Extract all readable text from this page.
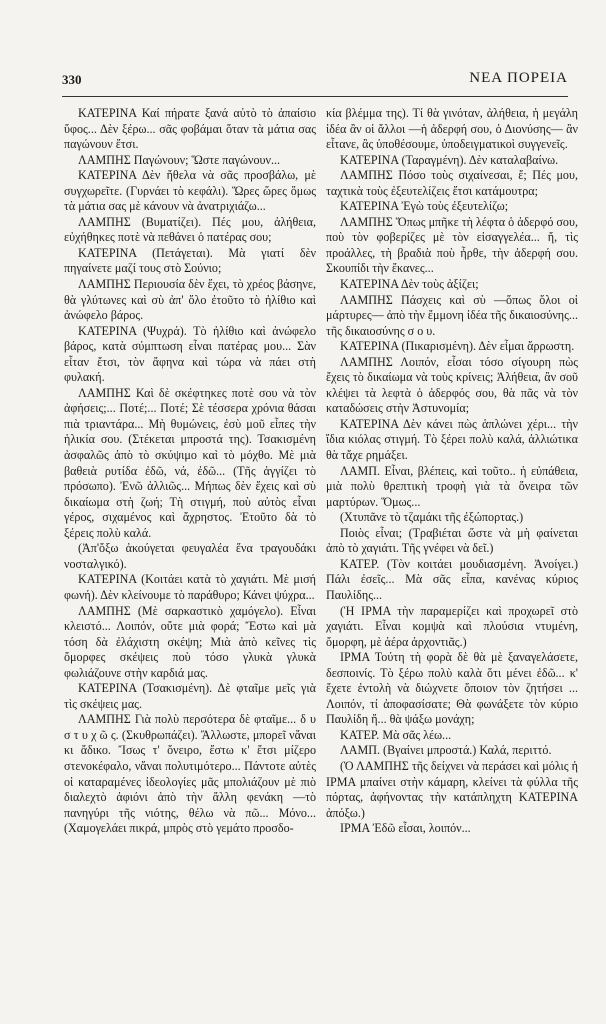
330	ΝΕΑ ΠΟΡΕΙΑ

ΚΑΤΕΡΙΝΑ Καί πήρατε ξανά αὐτὸ τὸ ἀπαίσιο ὕφος... Δὲν ξέρω... σᾶς φοβάμαι ὅταν τὰ μάτια σας παγώνουν ἔτσι.

ΛΑΜΠΗΣ Παγώνουν; Ὥστε παγώνουν...

ΚΑΤΕΡΙΝΑ Δὲν ἤθελα νὰ σᾶς προσβάλω, μὲ συγχωρεῖτε. (Γυρνάει τὸ κεφάλι). Ὥρες ὥρες ὅμως τὰ μάτια σας μὲ κάνουν νὰ ἀνατριχιάζω...

ΛΑΜΠΗΣ (Βυματίζει). Πές μου, ἀλήθεια, εὐχήθηκες ποτὲ νὰ πεθάνει ὁ πατέρας σου;

ΚΑΤΕΡΙΝΑ (Πετάγεται). Μὰ γιατί δὲν πηγαίνετε μαζί τους στὸ Σούνιο;

ΛΑΜΠΗΣ Περιουσία δὲν ἔχει, τὸ χρέος βάσηνε, θὰ γλύτωνες καὶ σὺ ἀπ' ὅλο ἐτοῦτο τὸ ἠλίθιο καὶ ἀνώφελο βάρος.

ΚΑΤΕΡΙΝΑ (Ψυχρά). Τὸ ἠλίθιο καὶ ἀνώφελο βάρος, κατὰ σύμπτωση εἶναι πατέρας μου... Σὰν εἶταν ἔτσι, τὸν ἄφηνα καὶ τώρα νὰ πάει στὴ φυλακή.

ΛΑΜΠΗΣ Καὶ δὲ σκέφτηκες ποτὲ σου νὰ τὸν ἀφήσεις;... Ποτέ;... Ποτέ; Σὲ τέσσερα χρόνια θάσαι πιὰ τριαντάρα... Μὴ θυμώνεις, ἐσὺ μοῦ εἶπες τὴν ἡλικία σου. (Στέκεται μπροστά της). Τσακισμένη ἀσφαλῶς ἀπὸ τὸ σκύψιμο καὶ τὸ μόχθο. Μὲ μιὰ βαθειὰ ρυτίδα ἐδῶ, νά, ἐδῶ... (Τῆς ἀγγίζει τὸ πρόσωπο). Ἐνῶ ἀλλιῶς... Μήπως δὲν ἔχεις καὶ σὺ δικαίωμα στὴ ζωή; Τὴ στιγμή, ποὺ αὐτὸς εἶναι γέρος, σιχαμένος καὶ ἄχρηστος. Ἐτοῦτο δὰ τὸ ξέρεις πολὺ καλά.

(Ἀπ'ὄξω ἀκούγεται φευγαλέα ἕνα τραγουδάκι νοσταλγικό).

ΚΑΤΕΡΙΝΑ (Κοιτάει κατὰ τὸ χαγιάτι. Μὲ μισή φωνή). Δὲν κλείνουμε τὸ παράθυρο; Κάνει ψύχρα...

ΛΑΜΠΗΣ (Μὲ σαρκαστικὸ χαμόγελο). Εἶναι κλειστό... Λοιπόν, οὔτε μιὰ φορά; Ἔστω καὶ μὰ τόση δὰ ἐλάχιστη σκέψη; Μιὰ ἀπὸ κεῖνες τὶς ὄμορφες σκέψεις ποὺ τόσο γλυκὰ γλυκὰ φωλιάζουνε στὴν καρδιά μας.

ΚΑΤΕΡΙΝΑ (Τσακισμένη). Δὲ φταῖμε μεῖς γιὰ τὶς σκέψεις μας.

ΛΑΜΠΗΣ Γιὰ πολὺ περσότερα δὲ φταῖμε... δ υ σ τ υ χ ῶ ς. (Σκυθρωπάζει). Ἄλλωστε, μπορεῖ νἄναι κι ἄδικο. Ἴσως τ' ὄνειρο, ἔστω κ' ἔτσι μίζερο στενοκέφαλο, νἄναι πολυτιμότερο... Πάντοτε αὐτὲς οἱ καταραμένες ἰδεολογίες μᾶς μπολιάζουν μὲ πιὸ διαλεχτὸ ἀφιόνι ἀπὸ τὴν ἄλλη φενάκη —τὸ πανηγύρι τῆς νιότης, θέλω νὰ πῶ... Μόνο... (Χαμογελάει πικρά, μπρὸς στὸ γεμάτο προσδο-

κία βλέμμα της). Τί θὰ γινόταν, ἀλήθεια, ἡ μεγάλη ἰδέα ἂν οἱ ἄλλοι —ἡ ἀδερφή σου, ὁ Διονύσης— ἂν εἶτανε, ἂς ὑποθέσουμε, ὑποδειγματικοὶ συγγενεῖς.

ΚΑΤΕΡΙΝΑ (Ταραγμένη). Δὲν καταλαβαίνω.

ΛΑΜΠΗΣ Πόσο τοὺς σιχαίνεσαι, ἔ; Πές μου, ταχτικὰ τοὺς ἐξευτελίζεις ἔτσι κατάμουτρα;

ΚΑΤΕΡΙΝΑ Ἐγὼ τοὺς ἐξευτελίζω;

ΛΑΜΠΗΣ Ὅπως μπῆκε τὴ λέφτα ὁ ἀδερφό σου, ποὺ τὸν φοβερίζες μὲ τὸν εἰσαγγελέα... ἤ, τὶς προάλλες, τὴ βραδιὰ ποὺ ἦρθε, τὴν ἀδερφή σου. Σκουπίδι τὴν ἔκανες...

ΚΑΤΕΡΙΝΑ Δὲν τοὺς ἀξίζει;

ΛΑΜΠΗΣ Πάσχεις καὶ σὺ —ὅπως ὅλοι οἱ μάρτυρες— ἀπὸ τὴν ἔμμονη ἰδέα τῆς δικαιοσύνης... τῆς δικαιοσύνης σ ο υ.

ΚΑΤΕΡΙΝΑ (Πικαρισμένη). Δὲν εἶμαι ἄρρωστη.

ΛΑΜΠΗΣ Λοιπόν, εἶσαι τόσο σίγουρη πὼς ἔχεις τὸ δικαίωμα νὰ τοὺς κρίνεις; Ἀλήθεια, ἂν σοῦ κλέψει τὰ λεφτὰ ὁ ἀδερφός σου, θὰ πᾶς νὰ τὸν καταδώσεις στὴν Ἀστυνομία;

ΚΑΤΕΡΙΝΑ Δὲν κάνει πὼς ἁπλώνει χέρι... τὴν ἴδια κιόλας στιγμή. Τὸ ξέρει πολὺ καλά, ἀλλιώτικα θὰ τἄχε ρημάξει.

ΛΑΜΠ. Εἶναι, βλέπεις, καὶ τοῦτο.. ἡ εὐπάθεια, μιὰ πολὺ θρεπτικὴ τροφὴ γιὰ τὰ ὄνειρα τῶν μαρτύρων. Ὅμως...

(Χτυπᾶνε τὸ τζαμάκι τῆς ἐξώπορτας.)

Ποιὸς εἶναι; (Τραβιέται ὥστε νὰ μὴ φαίνεται ἀπὸ τὸ χαγιάτι. Τῆς γνέφει νὰ δεῖ.)

ΚΑΤΕΡ. (Τὸν κοιτάει μουδιασμένη. Ἀνοίγει.) Πάλι ἐσεῖς... Μὰ σᾶς εἶπα, κανένας κύριος Παυλίδης...

(Ἡ ΙΡΜΑ τὴν παραμερίζει καὶ προχωρεῖ στὸ χαγιάτι. Εἶναι κομψὰ καὶ πλούσια ντυμένη, ὄμορφη, μὲ ἀέρα ἀρχοντιᾶς.)

ΙΡΜΑ Τούτη τὴ φορὰ δὲ θὰ μὲ ξαναγελάσετε, δεσποινίς. Τὸ ξέρω πολὺ καλὰ ὅτι μένει ἐδῶ... κ' ἔχετε ἐντολὴ νὰ διώχνετε ὅποιον τὸν ζητήσει ... Λοιπόν, τί ἀποφασίσατε; Θὰ φωνάξετε τὸν κύριο Παυλίδη ἤ... θὰ ψάξω μονάχη;

ΚΑΤΕΡ. Μὰ σᾶς λέω...

ΛΑΜΠ. (Βγαίνει μπροστά.) Καλά, περιττό.

(Ὁ ΛΑΜΠΗΣ τῆς δείχνει νὰ περάσει καὶ μόλις ἡ ΙΡΜΑ μπαίνει στὴν κάμαρη, κλείνει τὰ φύλλα τῆς πόρτας, ἀφήνοντας τὴν κατάπληχτη ΚΑΤΕΡΙΝΑ ἀπόξω.)

ΙΡΜΑ Ἐδῶ εἶσαι, λοιπόν...
